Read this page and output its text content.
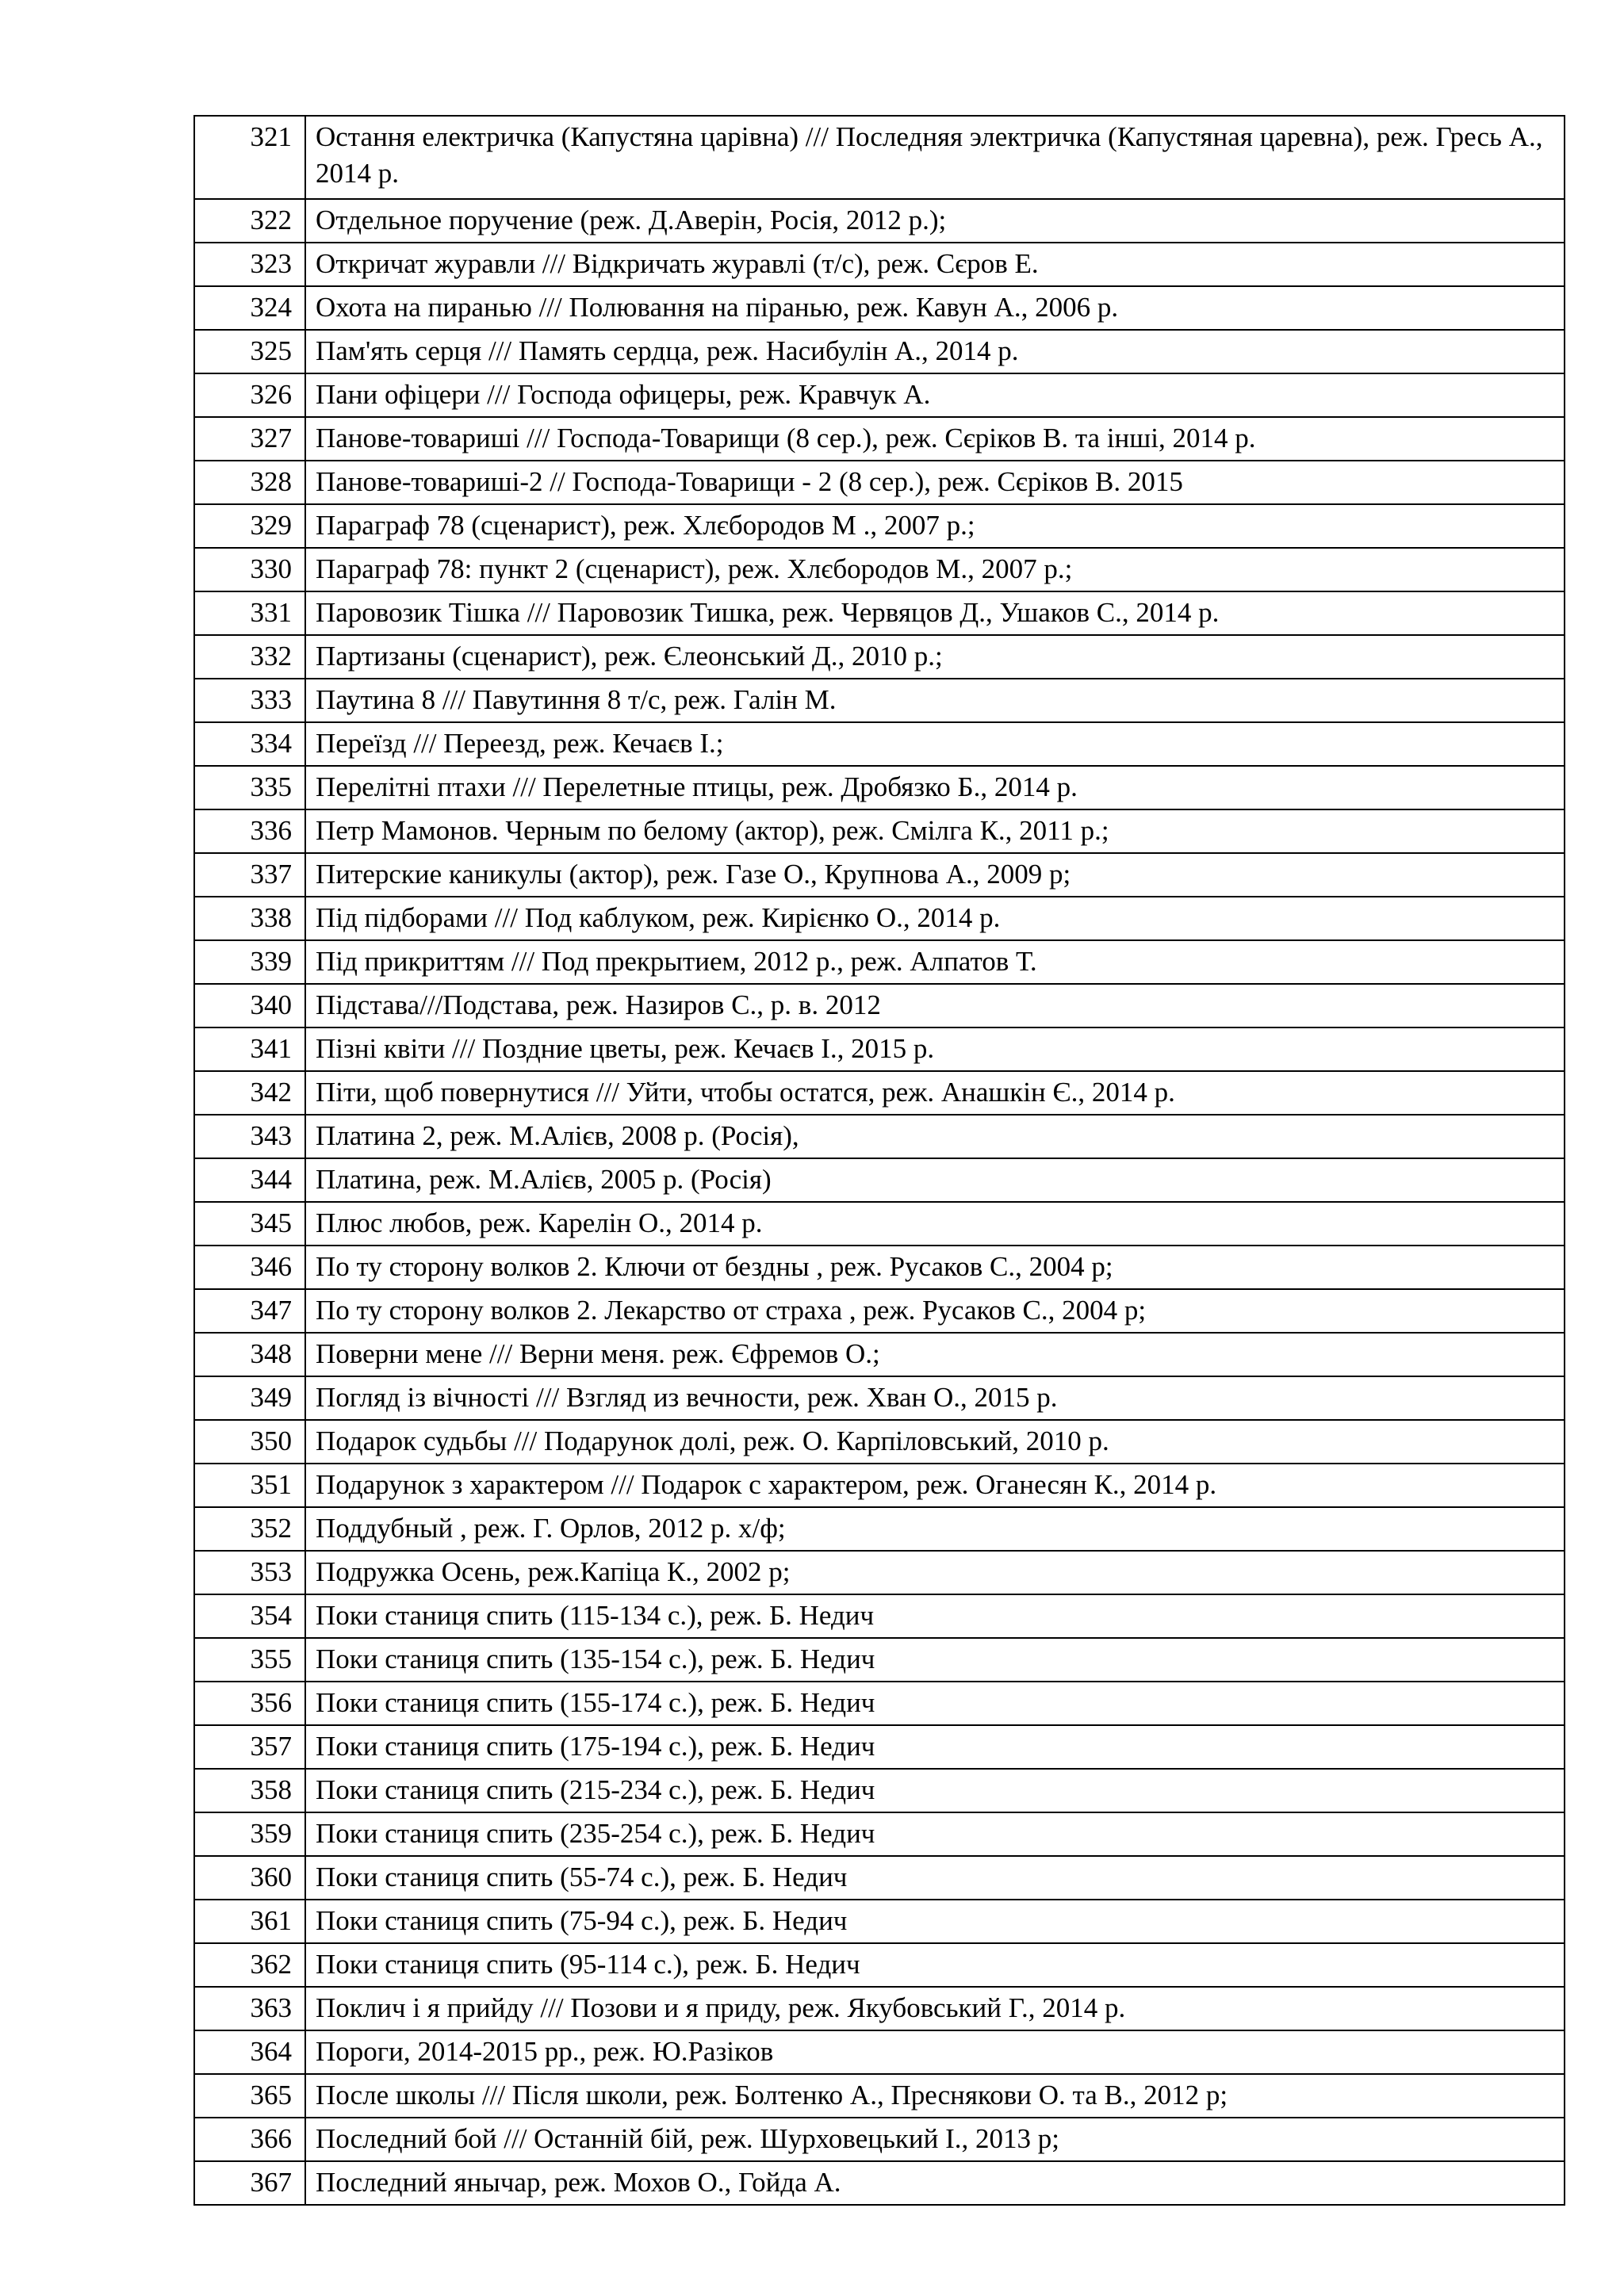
321	Остання електричка (Капустяна царівна) /// Последняя электричка (Капустяная царевна), реж. Гресь А., 2014 р.
322	Отдельное поручение (реж. Д.Аверін, Росія, 2012 р.);
323	Откричат журавли /// Відкричать журавлі (т/с), реж. Сєров Е.
324	Охота на пиранью /// Полювання на піранью, реж. Кавун А., 2006 р.
325	Пам'ять серця /// Память сердца, реж. Насибулін А., 2014 р.
326	Пани офіцери /// Господа офицеры, реж. Кравчук А.
327	Панове-товариші /// Господа-Товарищи (8 сер.), реж. Сєріков В. та інші, 2014 р.
328	Панове-товариші-2 // Господа-Товарищи - 2 (8 сер.), реж. Сєріков В. 2015
329	Параграф 78 (сценарист), реж. Хлєбородов М ., 2007 р.;
330	Параграф 78: пункт 2 (сценарист), реж. Хлєбородов М., 2007 р.;
331	Паровозик Тішка /// Паровозик Тишка, реж. Червяцов Д., Ушаков С., 2014 р.
332	Партизаны (сценарист), реж. Єлеонський Д., 2010 р.;
333	Паутина 8 /// Павутиння 8 т/с, реж. Галін М.
334	Переїзд /// Переезд, реж. Кечаєв І.;
335	Перелітні птахи /// Перелетные птицы, реж. Дробязко Б., 2014 р.
336	Петр Мамонов. Черным по белому (актор), реж. Смілга К., 2011 р.;
337	Питерские каникулы (актор), реж. Газе О., Крупнова А., 2009 р;
338	Під підборами /// Под каблуком, реж. Кирієнко О., 2014 р.
339	Під прикриттям /// Под прекрытием, 2012 р., реж. Алпатов Т.
340	Підстава///Подстава, реж. Назиров С., р. в. 2012
341	Пізні квіти /// Поздние цветы, реж. Кечаєв І., 2015 р.
342	Піти, щоб повернутися /// Уйти, чтобы остатся, реж. Анашкін Є., 2014 р.
343	Платина 2, реж. М.Алієв, 2008 р. (Росія),
344	Платина, реж. М.Алієв, 2005 р. (Росія)
345	Плюс любов, реж. Карелін О., 2014 р.
346	По ту сторону волков 2. Ключи от бездны , реж. Русаков С., 2004 р;
347	По ту сторону волков 2. Лекарство от страха , реж. Русаков С., 2004 р;
348	Поверни мене /// Верни меня. реж. Єфремов О.;
349	Погляд із вічності /// Взгляд из вечности, реж. Хван О., 2015 р.
350	Подарок судьбы /// Подарунок долі, реж. О. Карпіловський, 2010 р.
351	Подарунок з характером /// Подарок с характером, реж. Оганесян К., 2014 р.
352	Поддубный , реж. Г. Орлов, 2012 р. х/ф;
353	Подружка Осень, реж.Капіца К., 2002 р;
354	Поки станиця спить (115-134 с.), реж. Б. Недич
355	Поки станиця спить (135-154 с.), реж. Б. Недич
356	Поки станиця спить (155-174 с.), реж. Б. Недич
357	Поки станиця спить (175-194 с.), реж. Б. Недич
358	Поки станиця спить (215-234 с.), реж. Б. Недич
359	Поки станиця спить (235-254 с.), реж. Б. Недич
360	Поки станиця спить (55-74 с.), реж. Б. Недич
361	Поки станиця спить (75-94 с.), реж. Б. Недич
362	Поки станиця спить (95-114 с.), реж. Б. Недич
363	Поклич і я прийду /// Позови и я приду, реж. Якубовський Г., 2014 р.
364	Пороги, 2014-2015 рр., реж. Ю.Разіков
365	После школы /// Після школи, реж. Болтенко А., Преснякови О. та В., 2012 р;
366	Последний бой /// Останній бій, реж. Шурховецький І., 2013 р;
367	Последний янычар, реж. Мохов О., Гойда А.
